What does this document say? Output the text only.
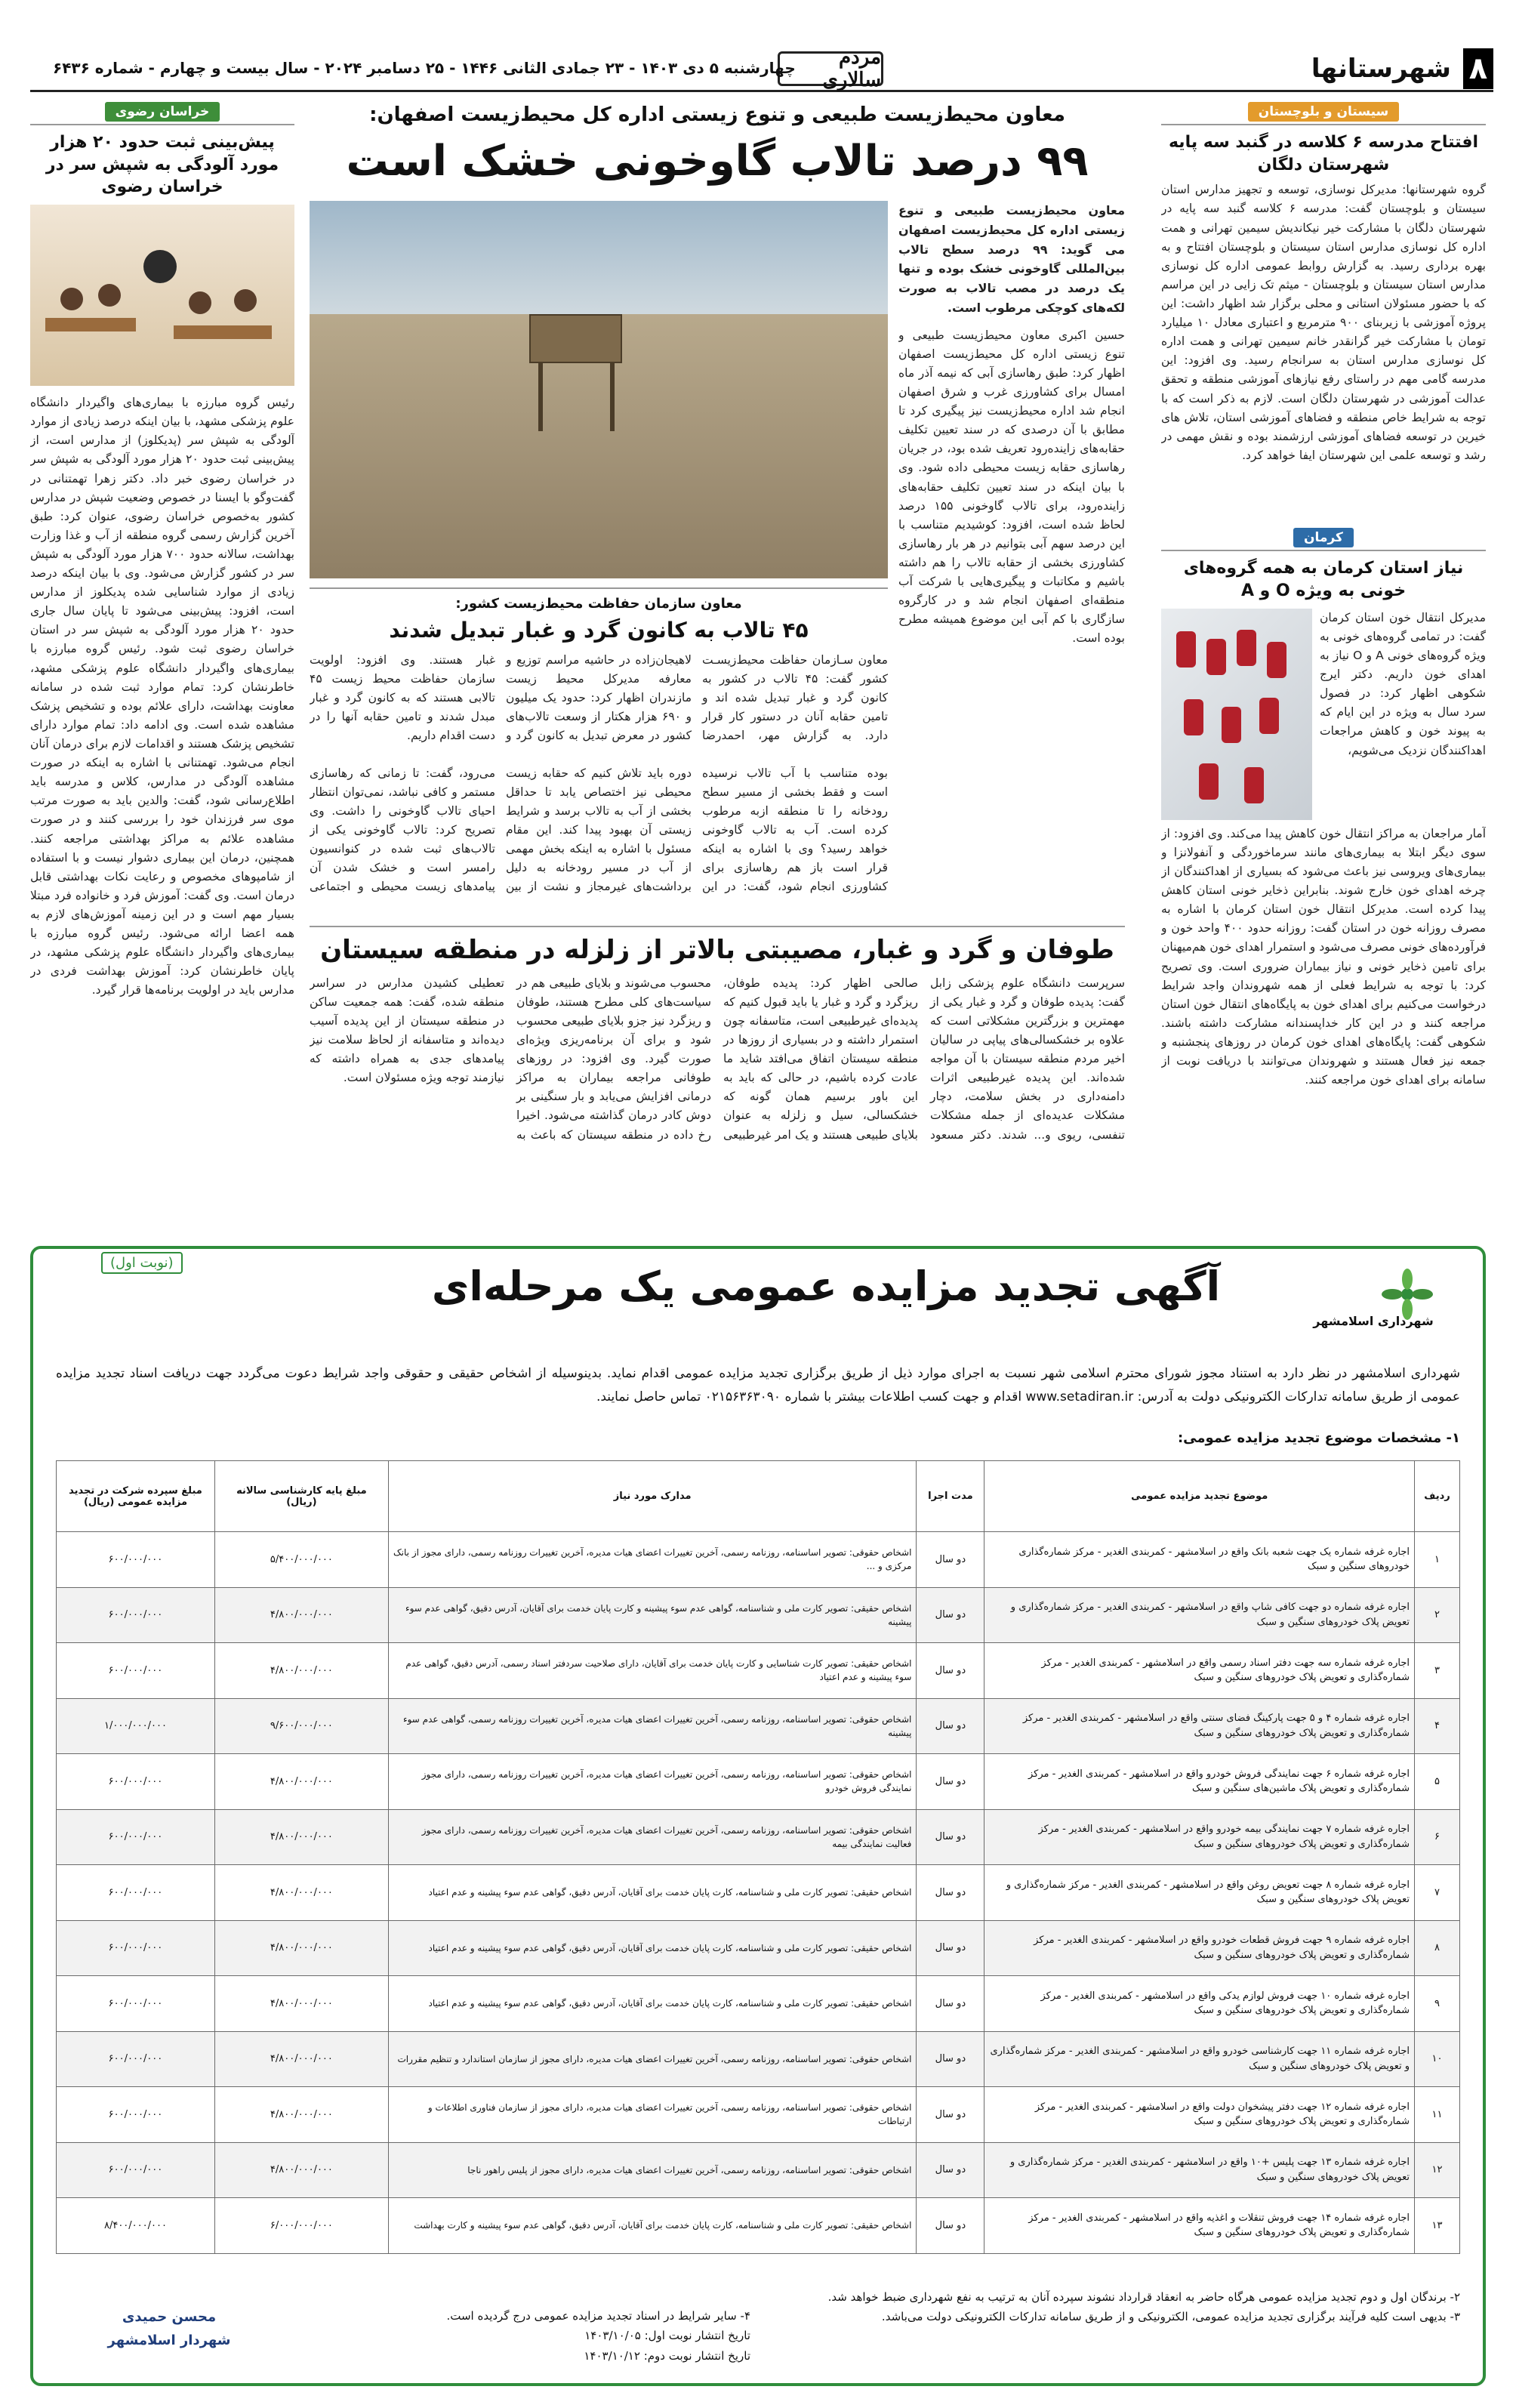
۸
شهرستانها
مردم سالاری
چهارشنبه ۵ دی ۱۴۰۳ - ۲۳ جمادی الثانی ۱۴۴۶ - ۲۵ دسامبر ۲۰۲۴ - سال بیست و چهارم - شماره ۶۴۳۶
سیستان و بلوچستان
افتتاح مدرسه ۶ کلاسه در گنبد سه پایه شهرستان دلگان
گروه شهرستانها: مدیرکل نوسازی، توسعه و تجهیز مدارس استان سیستان و بلوچستان گفت: مدرسه ۶ کلاسه گنبد سه پایه در شهرستان دلگان با مشارکت خیر نیکاندیش سیمین تهرانی و همت اداره کل نوسازی مدارس استان سیستان و بلوچستان افتتاح و به بهره برداری رسید. به گزارش روابط عمومی اداره کل نوسازی مدارس استان سیستان و بلوچستان - میثم تک زایی در این مراسم که با حضور مسئولان استانی و محلی برگزار شد اظهار داشت: این پروژه آموزشی با زیربنای ۹۰۰ مترمربع و اعتباری معادل ۱۰ میلیارد تومان با مشارکت خیر گرانقدر خانم سیمین تهرانی و همت اداره کل نوسازی مدارس استان به سرانجام رسید. وی افزود: این مدرسه گامی مهم در راستای رفع نیازهای آموزشی منطقه و تحقق عدالت آموزشی در شهرستان دلگان است. لازم به ذکر است که با توجه به شرایط خاص منطقه و فضاهای آموزشی استان، تلاش های خیرین در توسعه فضاهای آموزشی ارزشمند بوده و نقش مهمی در رشد و توسعه علمی این شهرستان ایفا خواهد کرد.
کرمان
نیاز استان کرمان به همه گروه‌های خونی به ویژه O و A
مدیرکل انتقال خون استان کرمان گفت: در تمامی گروه‌های خونی به ویژه گروه‌های خونی A و O نیاز به اهدای خون داریم. دکتر ایرج شکوهی اظهار کرد: در فصول سرد سال به ویژه در این ایام که به پیوند خون و کاهش مراجعات اهداکنندگان نزدیک می‌شویم،
آمار مراجعان به مراکز انتقال خون کاهش پیدا می‌کند. وی افزود: از سوی دیگر ابتلا به بیماری‌های مانند سرماخوردگی و آنفولانزا و بیماری‌های ویروسی نیز باعث می‌شود که بسیاری از اهداکنندگان از چرخه اهدای خون خارج شوند. بنابراین ذخایر خونی استان کاهش پیدا کرده است. مدیرکل انتقال خون استان کرمان با اشاره به مصرف روزانه خون در استان گفت: روزانه حدود ۴۰۰ واحد خون و فرآورده‌های خونی مصرف می‌شود و استمرار اهدای خون هم‌میهنان برای تامین ذخایر خونی و نیاز بیماران ضروری است. وی تصریح کرد: با توجه به شرایط فعلی از همه شهروندان واجد شرایط درخواست می‌کنیم برای اهدای خون به پایگاه‌های انتقال خون استان مراجعه کنند و در این کار خداپسندانه مشارکت داشته باشند. شکوهی گفت: پایگاه‌های اهدای خون کرمان در روزهای پنجشنبه و جمعه نیز فعال هستند و شهروندان می‌توانند با دریافت نوبت از سامانه برای اهدای خون مراجعه کنند.
معاون محیط‌زیست طبیعی و تنوع زیستی اداره کل محیط‌زیست اصفهان:
۹۹ درصد تالاب گاوخونی خشک است
معاون محیط‌زیست طبیعی و تنوع زیستی اداره کل محیط‌زیست اصفهان می گوید: ۹۹ درصد سطح تالاب بین‌المللی گاوخونی خشک بوده و تنها یک درصد در مصب تالاب به صورت لکه‌های کوچکی مرطوب است.
حسین اکبری معاون محیط‌زیست طبیعی و تنوع زیستی اداره کل محیط‌زیست اصفهان اظهار کرد: طبق رهاسازی آبی که نیمه آذر ماه امسال برای کشاورزی غرب و شرق اصفهان انجام شد اداره محیط‌زیست نیز پیگیری کرد تا مطابق با آن درصدی که در سند تعیین تکلیف حقابه‌های زاینده‌رود تعریف شده بود، در جریان رهاسازی حقابه زیست محیطی داده شود. وی با بیان اینکه در سند تعیین تکلیف حقابه‌های زاینده‌رود، برای تالاب گاوخونی ۱۵۵ درصد لحاظ شده است، افزود: کوشیدیم متناسب با این درصد سهم آبی بتوانیم در هر بار رهاسازی کشاورزی بخشی از حقابه تالاب را هم داشته باشیم و مکاتبات و پیگیری‌هایی با شرکت آب منطقه‌ای اصفهان انجام شد و در کارگروه سازگاری با کم آبی این موضوع همیشه مطرح بوده است.
معاون سازمان حفاظت محیط‌زیست کشور:
۴۵ تالاب به کانون گرد و غبار تبدیل شدند
معاون سـازمان حفاظت محیط‌زیسـت کشور گفت: ۴۵ تالاب در کشور به کانون گرد و غبار تبدیل شده اند و تامین حقابه آنان در دستور کار قرار دارد. به گزارش مهر، احمدرضا لاهیجان‌زاده در حاشیه مراسم توزیع و معارفه مدیرکل محیط زیست مازندران اظهار کرد: حدود یک میلیون و ۶۹۰ هزار هکتار از وسعت تالاب‌های کشور در معرض تبدیل به کانون گرد و غبار هستند. وی افزود: اولویت سازمان حفاظت محیط زیست ۴۵ تالابی هستند که به کانون گرد و غبار مبدل شدند و تامین حقابه آنها را در دست اقدام داریم.
بوده متناسب با آب تالاب نرسیده است و فقط بخشی از مسیر سطح رودخانه را تا منطقه ازبه مرطوب کرده است. آب به تالاب گاوخونی خواهد رسید؟ وی با اشاره به اینکه قرار است باز هم رهاسازی برای کشاورزی انجام شود، گفت: در این دوره باید تلاش کنیم که حقابه زیست محیطی نیز اختصاص یابد تا حداقل بخشی از آب به تالاب برسد و شرایط زیستی آن بهبود پیدا کند. این مقام مسئول با اشاره به اینکه بخش مهمی از آب در مسیر رودخانه به دلیل برداشت‌های غیرمجاز و نشت از بین می‌رود، گفت: تا زمانی که رهاسازی مستمر و کافی نباشد، نمی‌توان انتظار احیای تالاب گاوخونی را داشت. وی تصریح کرد: تالاب گاوخونی یکی از تالاب‌های ثبت شده در کنوانسیون رامسر است و خشک شدن آن پیامدهای زیست محیطی و اجتماعی
طوفان و گرد و غبار، مصیبتی بالاتر از زلزله در منطقه سیستان
سرپرست دانشگاه علوم پزشکی زابل گفت: پدیده طوفان و گرد و غبار یکی از مهمترین و بزرگترین مشکلاتی است که علاوه بر خشکسالی‌های پیاپی در سالیان اخیر مردم منطقه سیستان با آن مواجه شده‌اند. این پدیده غیرطبیعی اثرات دامنه‌داری در بخش سلامت، دچار مشکلات عدیده‌ای از جمله مشکلات تنفسی، ریوی و... شدند. دکتر مسعود صالحی اظهار کرد: پدیده طوفان، ریزگرد و گرد و غبار یا باید قبول کنیم که پدیده‌ای غیرطبیعی است، متاسفانه چون استمرار داشته و در بسیاری از روزها در منطقه سیستان اتفاق می‌افتد شاید ما عادت کرده باشیم، در حالی که باید به این باور برسیم همان گونه که خشکسالی، سیل و زلزله به عنوان بلایای طبیعی هستند و یک امر غیرطبیعی محسوب می‌شوند و بلایای طبیعی هم در سیاست‌های کلی مطرح هستند، طوفان و ریزگرد نیز جزو بلایای طبیعی محسوب شود و برای آن برنامه‌ریزی ویژه‌ای صورت گیرد. وی افزود: در روزهای طوفانی مراجعه بیماران به مراکز درمانی افزایش می‌یابد و بار سنگینی بر دوش کادر درمان گذاشته می‌شود. اخیرا رخ داده در منطقه سیستان که باعث به تعطیلی کشیدن مدارس در سراسر منطقه شده، گفت: همه جمعیت ساکن در منطقه سیستان از این پدیده آسیب دیده‌اند و متاسفانه از لحاظ سلامت نیز پیامدهای جدی به همراه داشته که نیازمند توجه ویژه مسئولان است.
خراسان رضوی
پیش‌بینی ثبت حدود ۲۰ هزار مورد آلودگی به شپش سر در خراسان رضوی
رئیس گروه مبارزه با بیماری‌های واگیردار دانشگاه علوم پزشکی مشهد، با بیان اینکه درصد زیادی از موارد آلودگی به شپش سر (پدیکلوز) از مدارس است، از پیش‌بینی ثبت حدود ۲۰ هزار مورد آلودگی به شپش سر در خراسان رضوی خبر داد. دکتر زهرا تهمتنانی در گفت‌وگو با ایسنا در خصوص وضعیت شپش در مدارس کشور به‌خصوص خراسان رضوی، عنوان کرد: طبق آخرین گزارش رسمی گروه منطقه از آب و غذا وزارت بهداشت، سالانه حدود ۷۰۰ هزار مورد آلودگی به شپش سر در کشور گزارش می‌شود. وی با بیان اینکه درصد زیادی از موارد شناسایی شده پدیکلوز از مدارس است، افزود: پیش‌بینی می‌شود تا پایان سال جاری حدود ۲۰ هزار مورد آلودگی به شپش سر در استان خراسان رضوی ثبت شود. رئیس گروه مبارزه با بیماری‌های واگیردار دانشگاه علوم پزشکی مشهد، خاطرنشان کرد: تمام موارد ثبت شده در سامانه معاونت بهداشت، دارای علائم بوده و تشخیص پزشک مشاهده شده است. وی ادامه داد: تمام موارد دارای تشخیص پزشک هستند و اقدامات لازم برای درمان آنان انجام می‌شود. تهمتنانی با اشاره به اینکه در صورت مشاهده آلودگی در مدارس، کلاس و مدرسه باید اطلاع‌رسانی شود، گفت: والدین باید به صورت مرتب موی سر فرزندان خود را بررسی کنند و در صورت مشاهده علائم به مراکز بهداشتی مراجعه کنند. همچنین، درمان این بیماری دشوار نیست و با استفاده از شامپوهای مخصوص و رعایت نکات بهداشتی قابل درمان است. وی گفت: آموزش فرد و خانواده فرد مبتلا بسیار مهم است و در این زمینه آموزش‌های لازم به همه اعضا ارائه می‌شود. رئیس گروه مبارزه با بیماری‌های واگیردار دانشگاه علوم پزشکی مشهد، در پایان خاطرنشان کرد: آموزش بهداشت فردی در مدارس باید در اولویت برنامه‌ها قرار گیرد.
(نوبت اول)	آگهی تجدید مزایده عمومی یک مرحله‌ای
شهرداری اسلامشهر
شهرداری اسلامشهر در نظر دارد به استناد مجوز شورای محترم اسلامی شهر نسبت به اجرای موارد ذیل از طریق برگزاری تجدید مزایده عمومی اقدام نماید. بدینوسیله از اشخاص حقیقی و حقوقی واجد شرایط دعوت می‌گردد جهت دریافت اسناد تجدید مزایده عمومی از طریق سامانه تدارکات الکترونیکی دولت به آدرس: www.setadiran.ir اقدام و جهت کسب اطلاعات بیشتر با شماره ۰۲۱۵۶۳۶۳۰۹۰ تماس حاصل نمایند.
۱- مشخصات موضوع تجدید مزایده عمومی:
ردیف	موضوع تجدید مزایده عمومی	مدت اجرا	مدارک مورد نیاز	مبلغ پایه کارشناسی سالانه (ریال)	مبلغ سپرده شرکت در تجدید مزایده عمومی (ریال)
۱	اجاره غرفه شماره یک جهت شعبه بانک واقع در اسلامشهر - کمربندی الغدیر - مرکز شماره‌گذاری خودروهای سنگین و سبک	دو سال	اشخاص حقوقی: تصویر اساسنامه، روزنامه رسمی، آخرین تغییرات اعضای هیات مدیره، آخرین تغییرات روزنامه رسمی، دارای مجوز از بانک مرکزی و ...	۵/۴۰۰/۰۰۰/۰۰۰	۶۰۰/۰۰۰/۰۰۰
۲	اجاره غرفه شماره دو جهت کافی شاپ واقع در اسلامشهر - کمربندی الغدیر - مرکز شماره‌گذاری و تعویض پلاک خودروهای سنگین و سبک	دو سال	اشخاص حقیقی: تصویر کارت ملی و شناسنامه، گواهی عدم سوء پیشینه و کارت پایان خدمت برای آقایان، آدرس دقیق، گواهی عدم سوء پیشینه	۴/۸۰۰/۰۰۰/۰۰۰	۶۰۰/۰۰۰/۰۰۰
۳	اجاره غرفه شماره سه جهت دفتر اسناد رسمی واقع در اسلامشهر - کمربندی الغدیر - مرکز شماره‌گذاری و تعویض پلاک خودروهای سنگین و سبک	دو سال	اشخاص حقیقی: تصویر کارت شناسایی و کارت پایان خدمت برای آقایان، دارای صلاحیت سردفتر اسناد رسمی، آدرس دقیق، گواهی عدم سوء پیشینه و عدم اعتیاد	۴/۸۰۰/۰۰۰/۰۰۰	۶۰۰/۰۰۰/۰۰۰
۴	اجاره غرفه شماره ۴ و ۵ جهت پارکینگ فضای سنتی واقع در اسلامشهر - کمربندی الغدیر - مرکز شماره‌گذاری و تعویض پلاک خودروهای سنگین و سبک	دو سال	اشخاص حقوقی: تصویر اساسنامه، روزنامه رسمی، آخرین تغییرات اعضای هیات مدیره، آخرین تغییرات روزنامه رسمی، گواهی عدم سوء پیشینه	۹/۶۰۰/۰۰۰/۰۰۰	۱/۰۰۰/۰۰۰/۰۰۰
۵	اجاره غرفه شماره ۶ جهت نمایندگی فروش خودرو واقع در اسلامشهر - کمربندی الغدیر - مرکز شماره‌گذاری و تعویض پلاک ماشین‌های سنگین و سبک	دو سال	اشخاص حقوقی: تصویر اساسنامه، روزنامه رسمی، آخرین تغییرات اعضای هیات مدیره، آخرین تغییرات روزنامه رسمی، دارای مجوز نمایندگی فروش خودرو	۴/۸۰۰/۰۰۰/۰۰۰	۶۰۰/۰۰۰/۰۰۰
۶	اجاره غرفه شماره ۷ جهت نمایندگی بیمه خودرو واقع در اسلامشهر - کمربندی الغدیر - مرکز شماره‌گذاری و تعویض پلاک خودروهای سنگین و سبک	دو سال	اشخاص حقوقی: تصویر اساسنامه، روزنامه رسمی، آخرین تغییرات اعضای هیات مدیره، آخرین تغییرات روزنامه رسمی، دارای مجوز فعالیت نمایندگی بیمه	۴/۸۰۰/۰۰۰/۰۰۰	۶۰۰/۰۰۰/۰۰۰
۷	اجاره غرفه شماره ۸ جهت تعویض روغن واقع در اسلامشهر - کمربندی الغدیر - مرکز شماره‌گذاری و تعویض پلاک خودروهای سنگین و سبک	دو سال	اشخاص حقیقی: تصویر کارت ملی و شناسنامه، کارت پایان خدمت برای آقایان، آدرس دقیق، گواهی عدم سوء پیشینه و عدم اعتیاد	۴/۸۰۰/۰۰۰/۰۰۰	۶۰۰/۰۰۰/۰۰۰
۸	اجاره غرفه شماره ۹ جهت فروش قطعات خودرو واقع در اسلامشهر - کمربندی الغدیر - مرکز شماره‌گذاری و تعویض پلاک خودروهای سنگین و سبک	دو سال	اشخاص حقیقی: تصویر کارت ملی و شناسنامه، کارت پایان خدمت برای آقایان، آدرس دقیق، گواهی عدم سوء پیشینه و عدم اعتیاد	۴/۸۰۰/۰۰۰/۰۰۰	۶۰۰/۰۰۰/۰۰۰
۹	اجاره غرفه شماره ۱۰ جهت فروش لوازم یدکی واقع در اسلامشهر - کمربندی الغدیر - مرکز شماره‌گذاری و تعویض پلاک خودروهای سنگین و سبک	دو سال	اشخاص حقیقی: تصویر کارت ملی و شناسنامه، کارت پایان خدمت برای آقایان، آدرس دقیق، گواهی عدم سوء پیشینه و عدم اعتیاد	۴/۸۰۰/۰۰۰/۰۰۰	۶۰۰/۰۰۰/۰۰۰
۱۰	اجاره غرفه شماره ۱۱ جهت کارشناسی خودرو واقع در اسلامشهر - کمربندی الغدیر - مرکز شماره‌گذاری و تعویض پلاک خودروهای سنگین و سبک	دو سال	اشخاص حقوقی: تصویر اساسنامه، روزنامه رسمی، آخرین تغییرات اعضای هیات مدیره، دارای مجوز از سازمان استاندارد و تنظیم مقررات	۴/۸۰۰/۰۰۰/۰۰۰	۶۰۰/۰۰۰/۰۰۰
۱۱	اجاره غرفه شماره ۱۲ جهت دفتر پیشخوان دولت واقع در اسلامشهر - کمربندی الغدیر - مرکز شماره‌گذاری و تعویض پلاک خودروهای سنگین و سبک	دو سال	اشخاص حقوقی: تصویر اساسنامه، روزنامه رسمی، آخرین تغییرات اعضای هیات مدیره، دارای مجوز از سازمان فناوری اطلاعات و ارتباطات	۴/۸۰۰/۰۰۰/۰۰۰	۶۰۰/۰۰۰/۰۰۰
۱۲	اجاره غرفه شماره ۱۳ جهت پلیس +۱۰ واقع در اسلامشهر - کمربندی الغدیر - مرکز شماره‌گذاری و تعویض پلاک خودروهای سنگین و سبک	دو سال	اشخاص حقوقی: تصویر اساسنامه، روزنامه رسمی، آخرین تغییرات اعضای هیات مدیره، دارای مجوز از پلیس راهور ناجا	۴/۸۰۰/۰۰۰/۰۰۰	۶۰۰/۰۰۰/۰۰۰
۱۳	اجاره غرفه شماره ۱۴ جهت فروش تنقلات و اغذیه واقع در اسلامشهر - کمربندی الغدیر - مرکز شماره‌گذاری و تعویض پلاک خودروهای سنگین و سبک	دو سال	اشخاص حقیقی: تصویر کارت ملی و شناسنامه، کارت پایان خدمت برای آقایان، آدرس دقیق، گواهی عدم سوء پیشینه و کارت بهداشت	۶/۰۰۰/۰۰۰/۰۰۰	۸/۴۰۰/۰۰۰/۰۰۰
۲- برندگان اول و دوم تجدید مزایده عمومی هرگاه حاضر به انعقاد قرارداد نشوند سپرده آنان به ترتیب به نفع شهرداری ضبط خواهد شد.
۳- بدیهی است کلیه فرآیند برگزاری تجدید مزایده عمومی، الکترونیکی و از طریق سامانه تدارکات الکترونیکی دولت می‌باشد.
۴- سایر شرایط در اسناد تجدید مزایده عمومی درج گردیده است.
تاریخ انتشار نوبت اول: ۱۴۰۳/۱۰/۰۵
تاریخ انتشار نوبت دوم: ۱۴۰۳/۱۰/۱۲
محسن حمیدی
شهردار اسلامشهر
